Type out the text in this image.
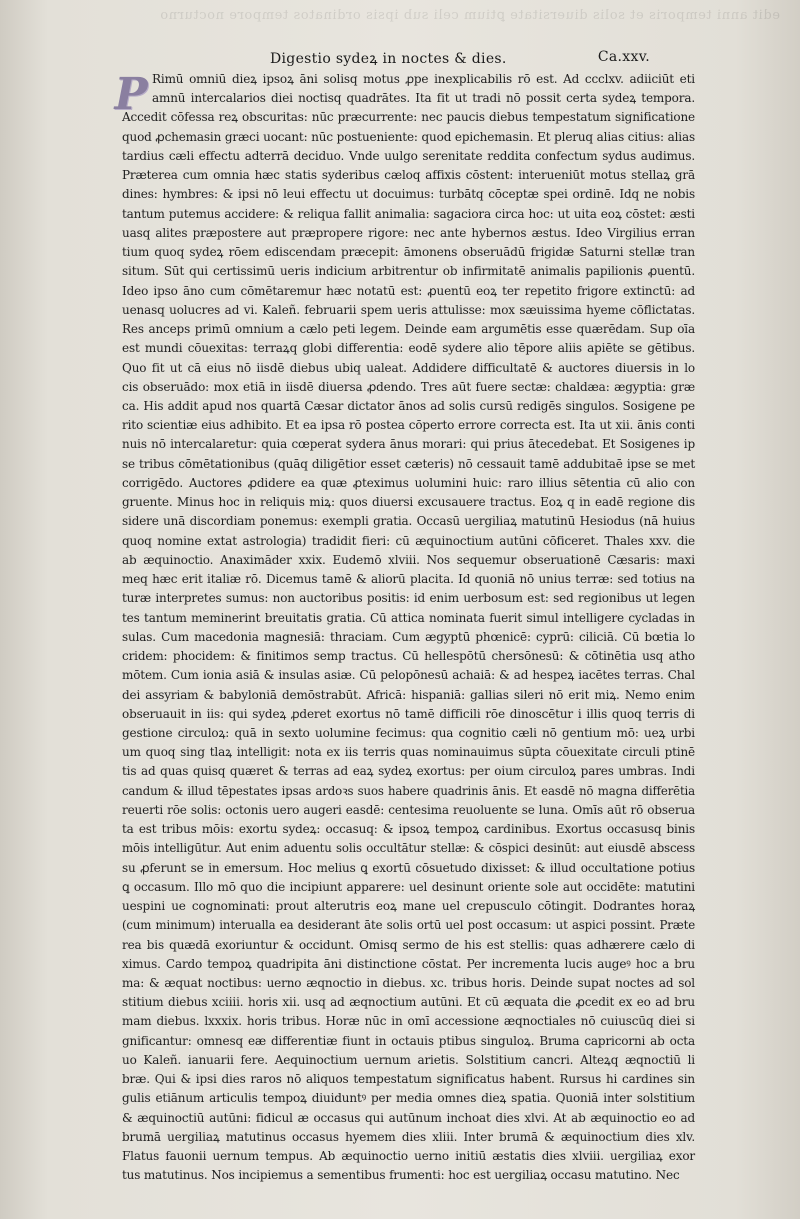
edit anni temporis et solis diuersitate ꝑtium celi sub ipsis ordinatos tempore nocturno
Digestio sydeꝝ in noctes & dies.	Ca.xxv.
P Rimū omniū dieꝝ ipsoꝝ āni solisq motus ꝓpe inexplicabilis rō est. Ad ccclxv. adiiciūt eti
amnū intercalarios diei noctisq quadrātes. Ita fit ut tradi nō possit certa sydeꝝ tempora.
Accedit cōfessa reꝝ obscuritas: nūc præcurrente: nec paucis diebus tempestatum significatione
quod ꝓchemasin græci uocant: nūc postueniente: quod epichemasin. Et pleruq alias citius: alias
tardius cæli effectu adterrā deciduo. Vnde uulgo serenitate reddita confectum sydus audimus.
Præterea cum omnia hæc statis syderibus cæloq affixis cōstent: interueniūt motus stellaꝝ grā
dines: hymbres: & ipsi nō leui effectu ut docuimus: turbātq cōceptæ spei ordinē. Idq ne nobis
tantum putemus accidere: & reliqua fallit animalia: sagaciora circa hoc: ut uita eoꝝ cōstet: æsti
uasq alites præpostere aut præpropere rigore: nec ante hybernos æstus. Ideo Virgilius erran
tium quoq sydeꝝ rōem ediscendam præcepit: āmonens obseruādū frigidæ Saturni stellæ tran
situm. Sūt qui certissimū ueris indicium arbitrentur ob infirmitatē animalis papilionis ꝓuentū.
Ideo ipso āno cum cōmētaremur hæc notatū est: ꝓuentū eoꝝ ter repetito frigore extinctū: ad
uenasq uolucres ad vi. Kaleñ. februarii spem ueris attulisse: mox sæuissima hyeme cōflictatas.
Res anceps primū omnium a cælo peti legem. Deinde eam argumētis esse quærēdam. Sup oīa
est mundi cōuexitas: terraꝝq globi differentia: eodē sydere alio tēpore aliis apiēte se gētibus.
Quo fit ut cā eius nō iisdē diebus ubiq ualeat. Addidere difficultatē & auctores diuersis in lo
cis obseruādo: mox etiā in iisdē diuersa ꝓdendo. Tres aūt fuere sectæ: chaldæa: ægyptia: græ
ca. His addit apud nos quartā Cæsar dictator ānos ad solis cursū redigēs singulos. Sosigene pe
rito scientiæ eius adhibito. Et ea ipsa rō postea cōperto errore correcta est. Ita ut xii. ānis conti
nuis nō intercalaretur: quia cœperat sydera ānus morari: qui prius ātecedebat. Et Sosigenes ip
se tribus cōmētationibus (quāq diligētior esset cæteris) nō cessauit tamē addubitaē ipse se met
corrigēdo. Auctores ꝓdidere ea quæ ꝓteximus uolumini huic: raro illius sētentia cū alio con
gruente. Minus hoc in reliquis miꝝ: quos diuersi excusauere tractus. Eoꝝ q in eadē regione dis
sidere unā discordiam ponemus: exempli gratia. Occasū uergiliaꝝ matutinū Hesiodus (nā huius
quoq nomine extat astrologia) tradidit fieri: cū æquinoctium autūni cōficeret. Thales xxv. die
ab æquinoctio. Anaximāder xxix. Eudemō xlviii. Nos sequemur obseruationē Cæsaris: maxi
meq hæc erit italiæ rō. Dicemus tamē & aliorū placita. Id quoniā nō unius terræ: sed totius na
turæ interpretes sumus: non auctoribus positis: id enim uerbosum est: sed regionibus ut legen
tes tantum meminerint breuitatis gratia. Cū attica nominata fuerit simul intelligere cycladas in
sulas. Cum macedonia magnesiā: thraciam. Cum ægyptū phœnicē: cyprū: ciliciā. Cū bœtia lo
cridem: phocidem: & finitimos semp tractus. Cū hellespōtū chersōnesū: & cōtinētia usq atho
mōtem. Cum ionia asiā & insulas asiæ. Cū pelopōnesū achaiā: & ad hespeꝝ iacētes terras. Chal
dei assyriam & babyloniā demōstrabūt. Africā: hispaniā: gallias sileri nō erit miꝝ. Nemo enim
obseruauit in iis: qui sydeꝝ ꝓderet exortus nō tamē difficili rōe dinoscētur i illis quoq terris di
gestione circuloꝝ: quā in sexto uolumine fecimus: qua cognitio cæli nō gentium mō: ueꝝ urbi
um quoq sing tlaꝝ intelligit: nota ex iis terris quas nominauimus sūpta cōuexitate circuli ptinē
tis ad quas quisq quæret & terras ad eaꝝ sydeꝝ exortus: per oium circuloꝝ pares umbras. Indi
candum & illud tēpestates ipsas ardoꝛs suos habere quadrinis ānis. Et easdē nō magna differētia
reuerti rōe solis: octonis uero augeri easdē: centesima reuoluente se luna. Omīs aūt rō obserua
ta est tribus mōis: exortu sydeꝝ: occasuq: & ipsoꝝ tempoꝝ cardinibus. Exortus occasusq binis
mōis intelligūtur. Aut enim aduentu solis occultātur stellæ: & cōspici desinūt: aut eiusdē abscess
su ꝓferunt se in emersum. Hoc melius ꝗ exortū cōsuetudo dixisset: & illud occultatione potius
ꝗ occasum. Illo mō quo die incipiunt apparere: uel desinunt oriente sole aut occidēte: matutini
uespini ue cognominati: prout alterutris eoꝝ mane uel crepusculo cōtingit. Dodrantes horaꝝ
(cum minimum) interualla ea desiderant āte solis ortū uel post occasum: ut aspici possint. Præte
rea bis quædā exoriuntur & occidunt. Omisq sermo de his est stellis: quas adhærere cælo di
ximus. Cardo tempoꝝ quadripita āni distinctione cōstat. Per incrementa lucis augeꝰ hoc a bru
ma: & æquat noctibus: uerno æqnoctio in diebus. xc. tribus horis. Deinde supat noctes ad sol
stitium diebus xciiii. horis xii. usq ad æqnoctium autūni. Et cū æquata die ꝓcedit ex eo ad bru
mam diebus. lxxxix. horis tribus. Horæ nūc in omī accessione æqnoctiales nō cuiuscūq diei si
gnificantur: omnesq eæ differentiæ fiunt in octauis ptibus singuloꝝ. Bruma capricorni ab octa
uo Kaleñ. ianuarii fere. Aequinoctium uernum arietis. Solstitium cancri. Alteꝝq æqnoctiū li
bræ. Qui & ipsi dies raros nō aliquos tempestatum significatus habent. Rursus hi cardines sin
gulis etiānum articulis tempoꝝ diuiduntꝰ per media omnes dieꝝ spatia. Quoniā inter solstitium
& æquinoctiū autūni: fidicul æ occasus qui autūnum inchoat dies xlvi. At ab æquinoctio eo ad
brumā uergiliaꝝ matutinus occasus hyemem dies xliii. Inter brumā & æquinoctium dies xlv.
Flatus fauonii uernum tempus. Ab æquinoctio uerno initiū æstatis dies xlviii. uergiliaꝝ exor
tus matutinus. Nos incipiemus a sementibus frumenti: hoc est uergiliaꝝ occasu matutino. Nec
